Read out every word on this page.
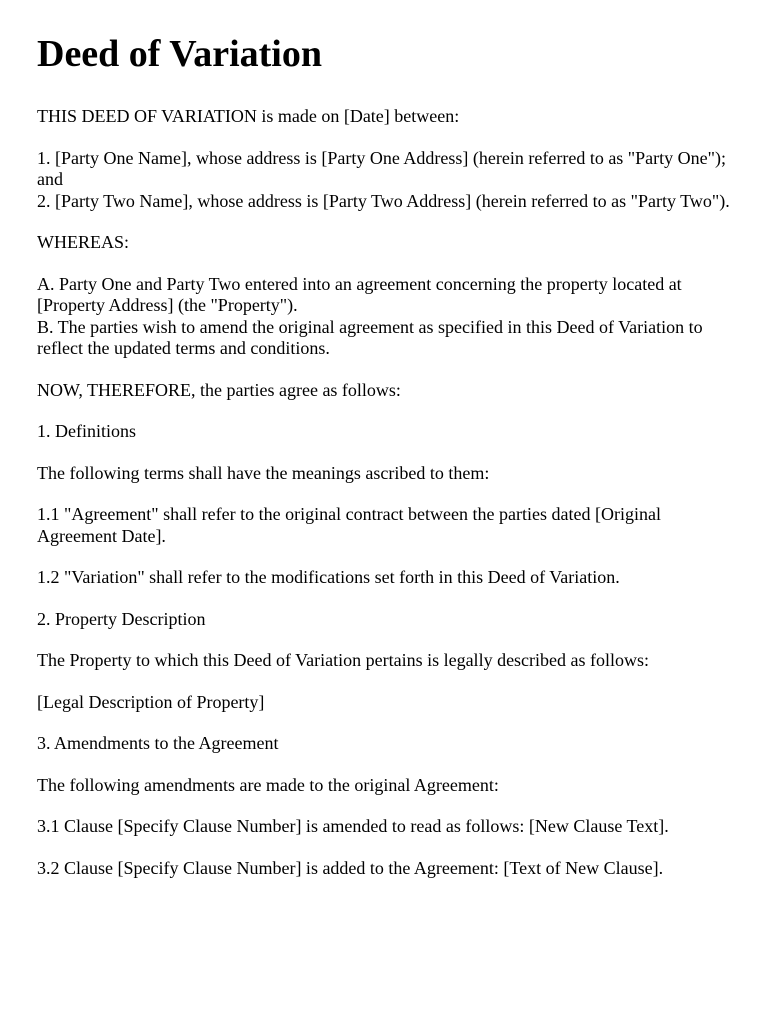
Deed of Variation

THIS DEED OF VARIATION is made on [Date] between:

1. [Party One Name], whose address is [Party One Address] (herein referred to as "Party One"); and
2. [Party Two Name], whose address is [Party Two Address] (herein referred to as "Party Two").

WHEREAS:

A. Party One and Party Two entered into an agreement concerning the property located at [Property Address] (the "Property").
B. The parties wish to amend the original agreement as specified in this Deed of Variation to reflect the updated terms and conditions.

NOW, THEREFORE, the parties agree as follows:

1. Definitions

The following terms shall have the meanings ascribed to them:

1.1 "Agreement" shall refer to the original contract between the parties dated [Original Agreement Date].

1.2 "Variation" shall refer to the modifications set forth in this Deed of Variation.

2. Property Description

The Property to which this Deed of Variation pertains is legally described as follows:

[Legal Description of Property]

3. Amendments to the Agreement

The following amendments are made to the original Agreement:

3.1 Clause [Specify Clause Number] is amended to read as follows: [New Clause Text].

3.2 Clause [Specify Clause Number] is added to the Agreement: [Text of New Clause].
